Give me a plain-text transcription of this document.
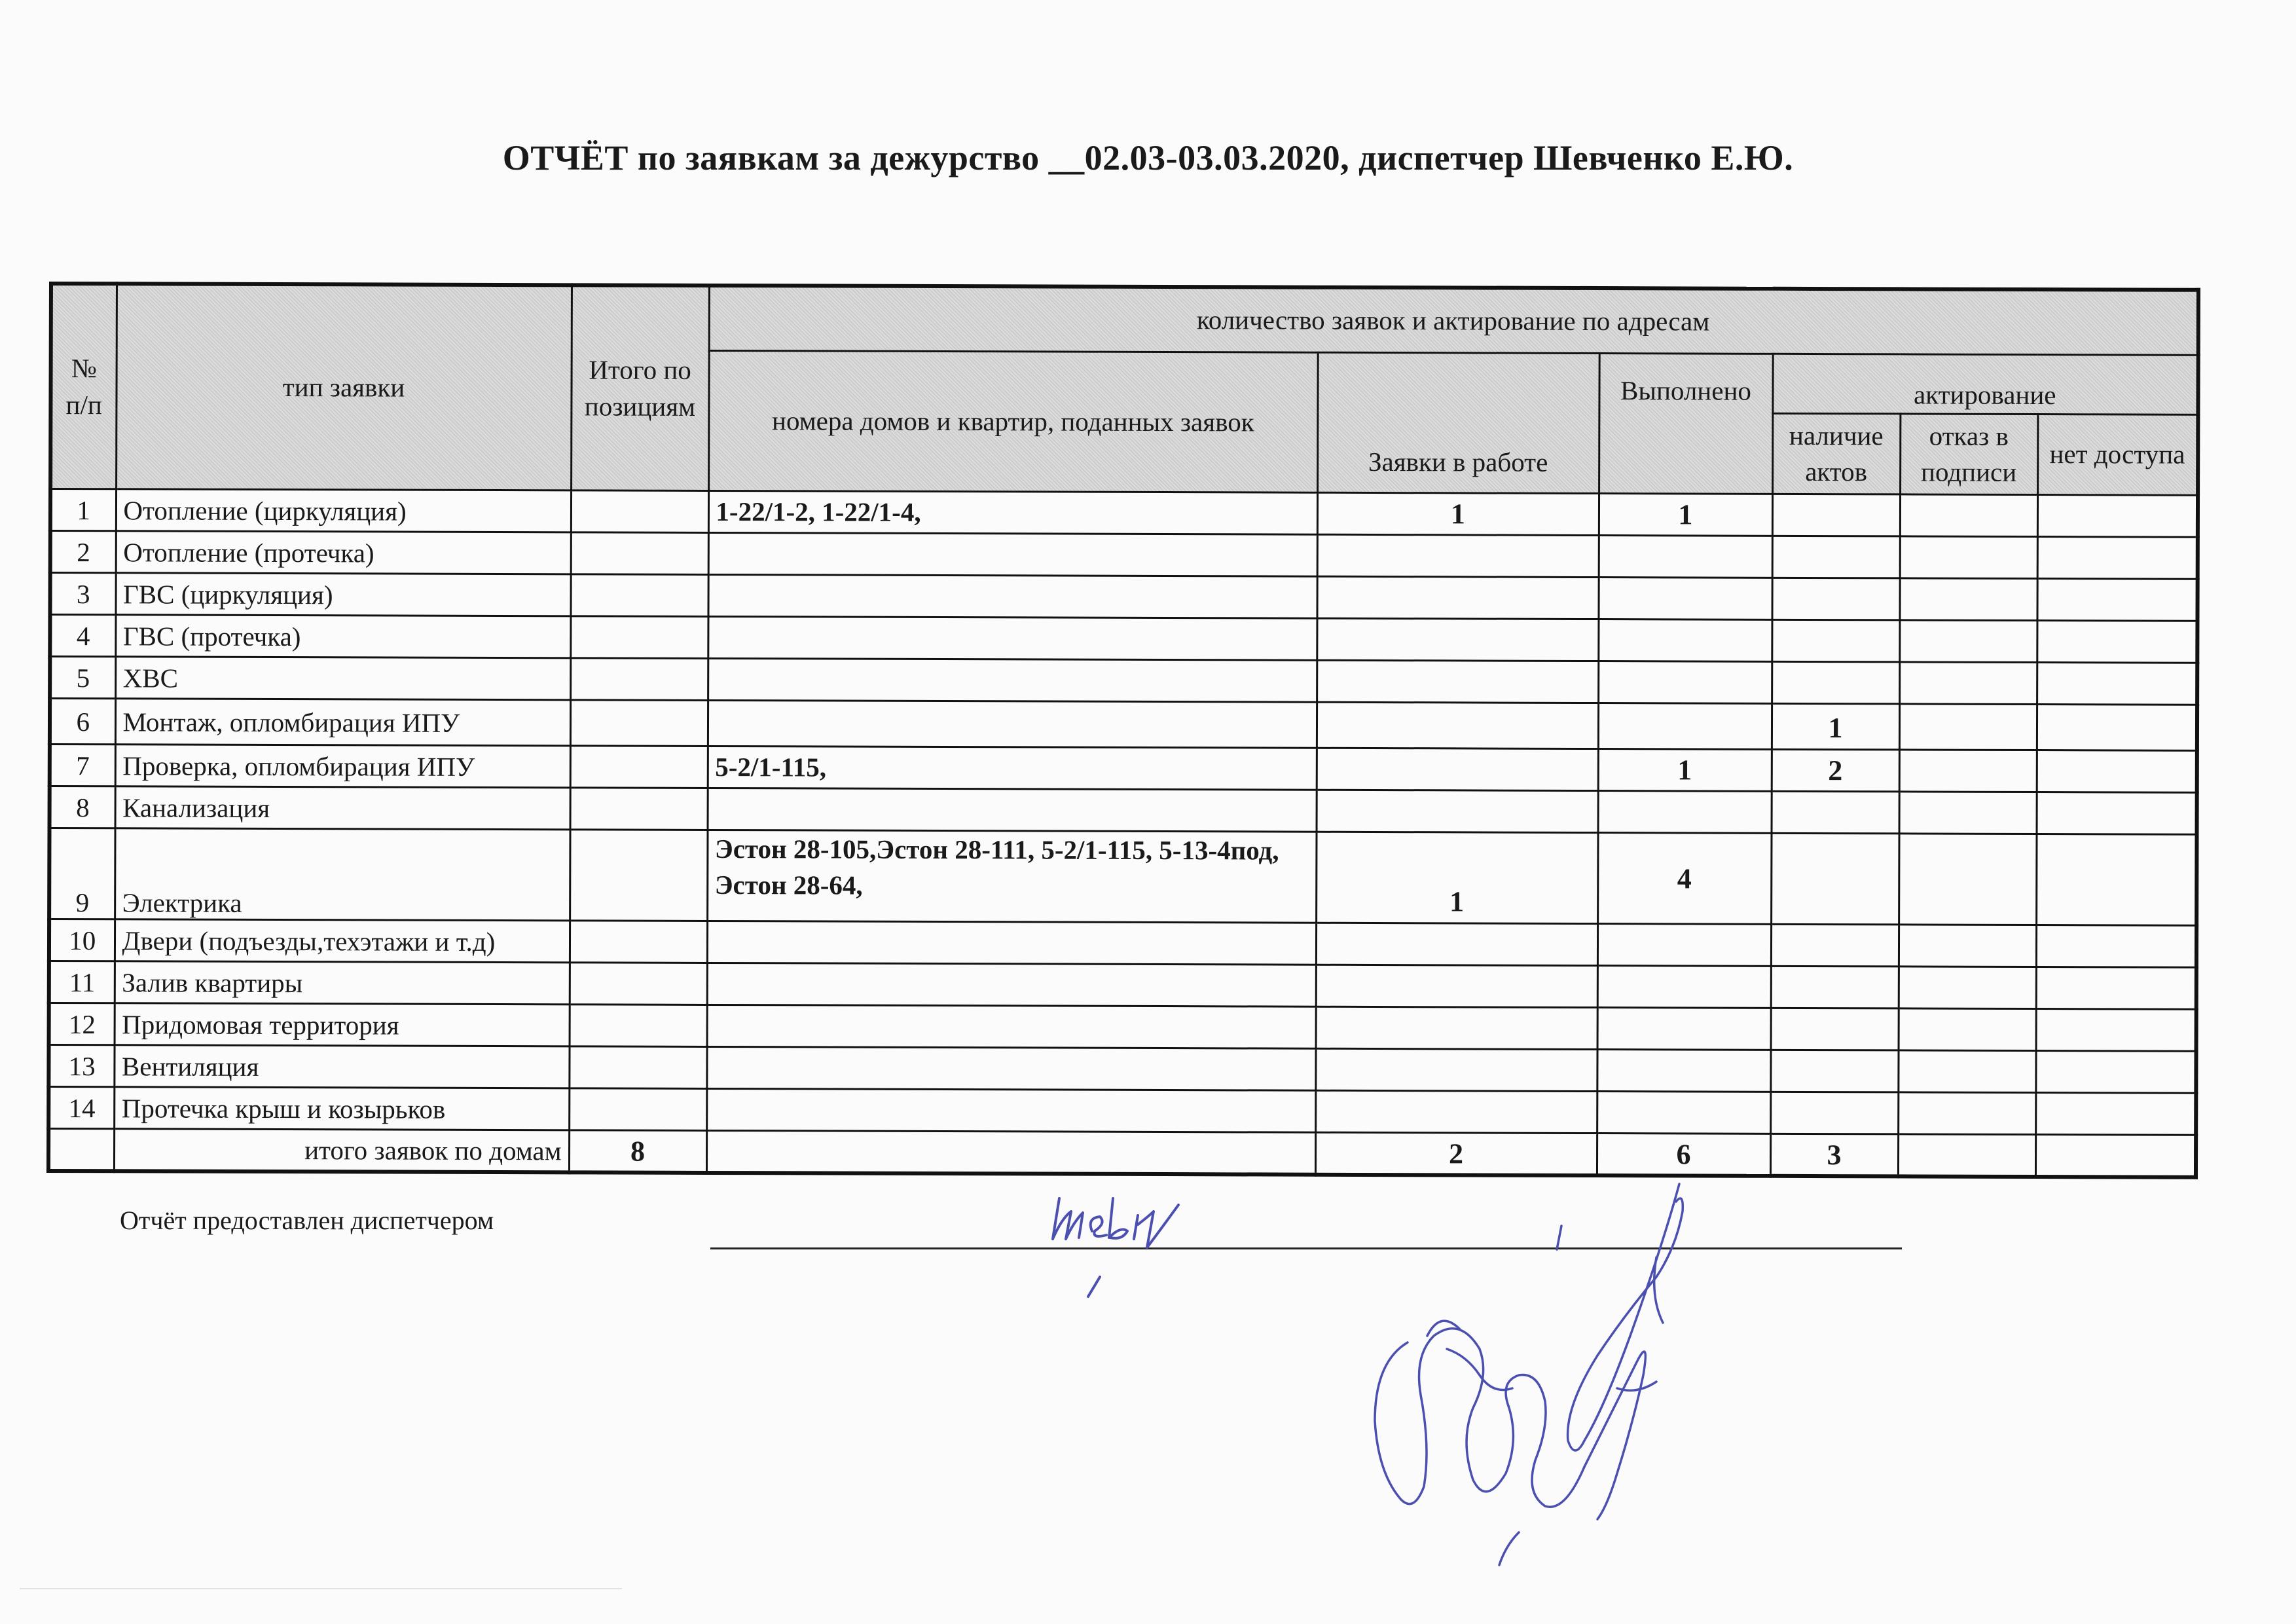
ОТЧЁТ по заявкам за дежурство __02.03-03.03.2020, диспетчер Шевченко Е.Ю.
№ п/п	тип заявки	Итого по позициям	количество заявок и актирование по адресам					
			номера домов и квартир, поданных заявок	Заявки в работе	Выполнено	актирование		
						наличие актов	отказ в подписи	нет доступа
1	Отопление (циркуляция)		1-22/1-2, 1-22/1-4,	1	1			
2	Отопление (протечка)							
3	ГВС (циркуляция)							
4	ГВС (протечка)							
5	ХВС							
6	Монтаж, опломбирация ИПУ					1		
7	Проверка, опломбирация ИПУ		5-2/1-115,		1	2		
8	Канализация							
9	Электрика		Эстон 28-105,Эстон 28-111, 5-2/1-115, 5-13-4под, Эстон 28-64,	1	4			
10	Двери (подъезды,техэтажи и т.д)							
11	Залив квартиры							
12	Придомовая территория							
13	Вентиляция							
14	Протечка крыш и козырьков							
	итого заявок по домам	8		2	6	3		
Отчёт предоставлен диспетчером
